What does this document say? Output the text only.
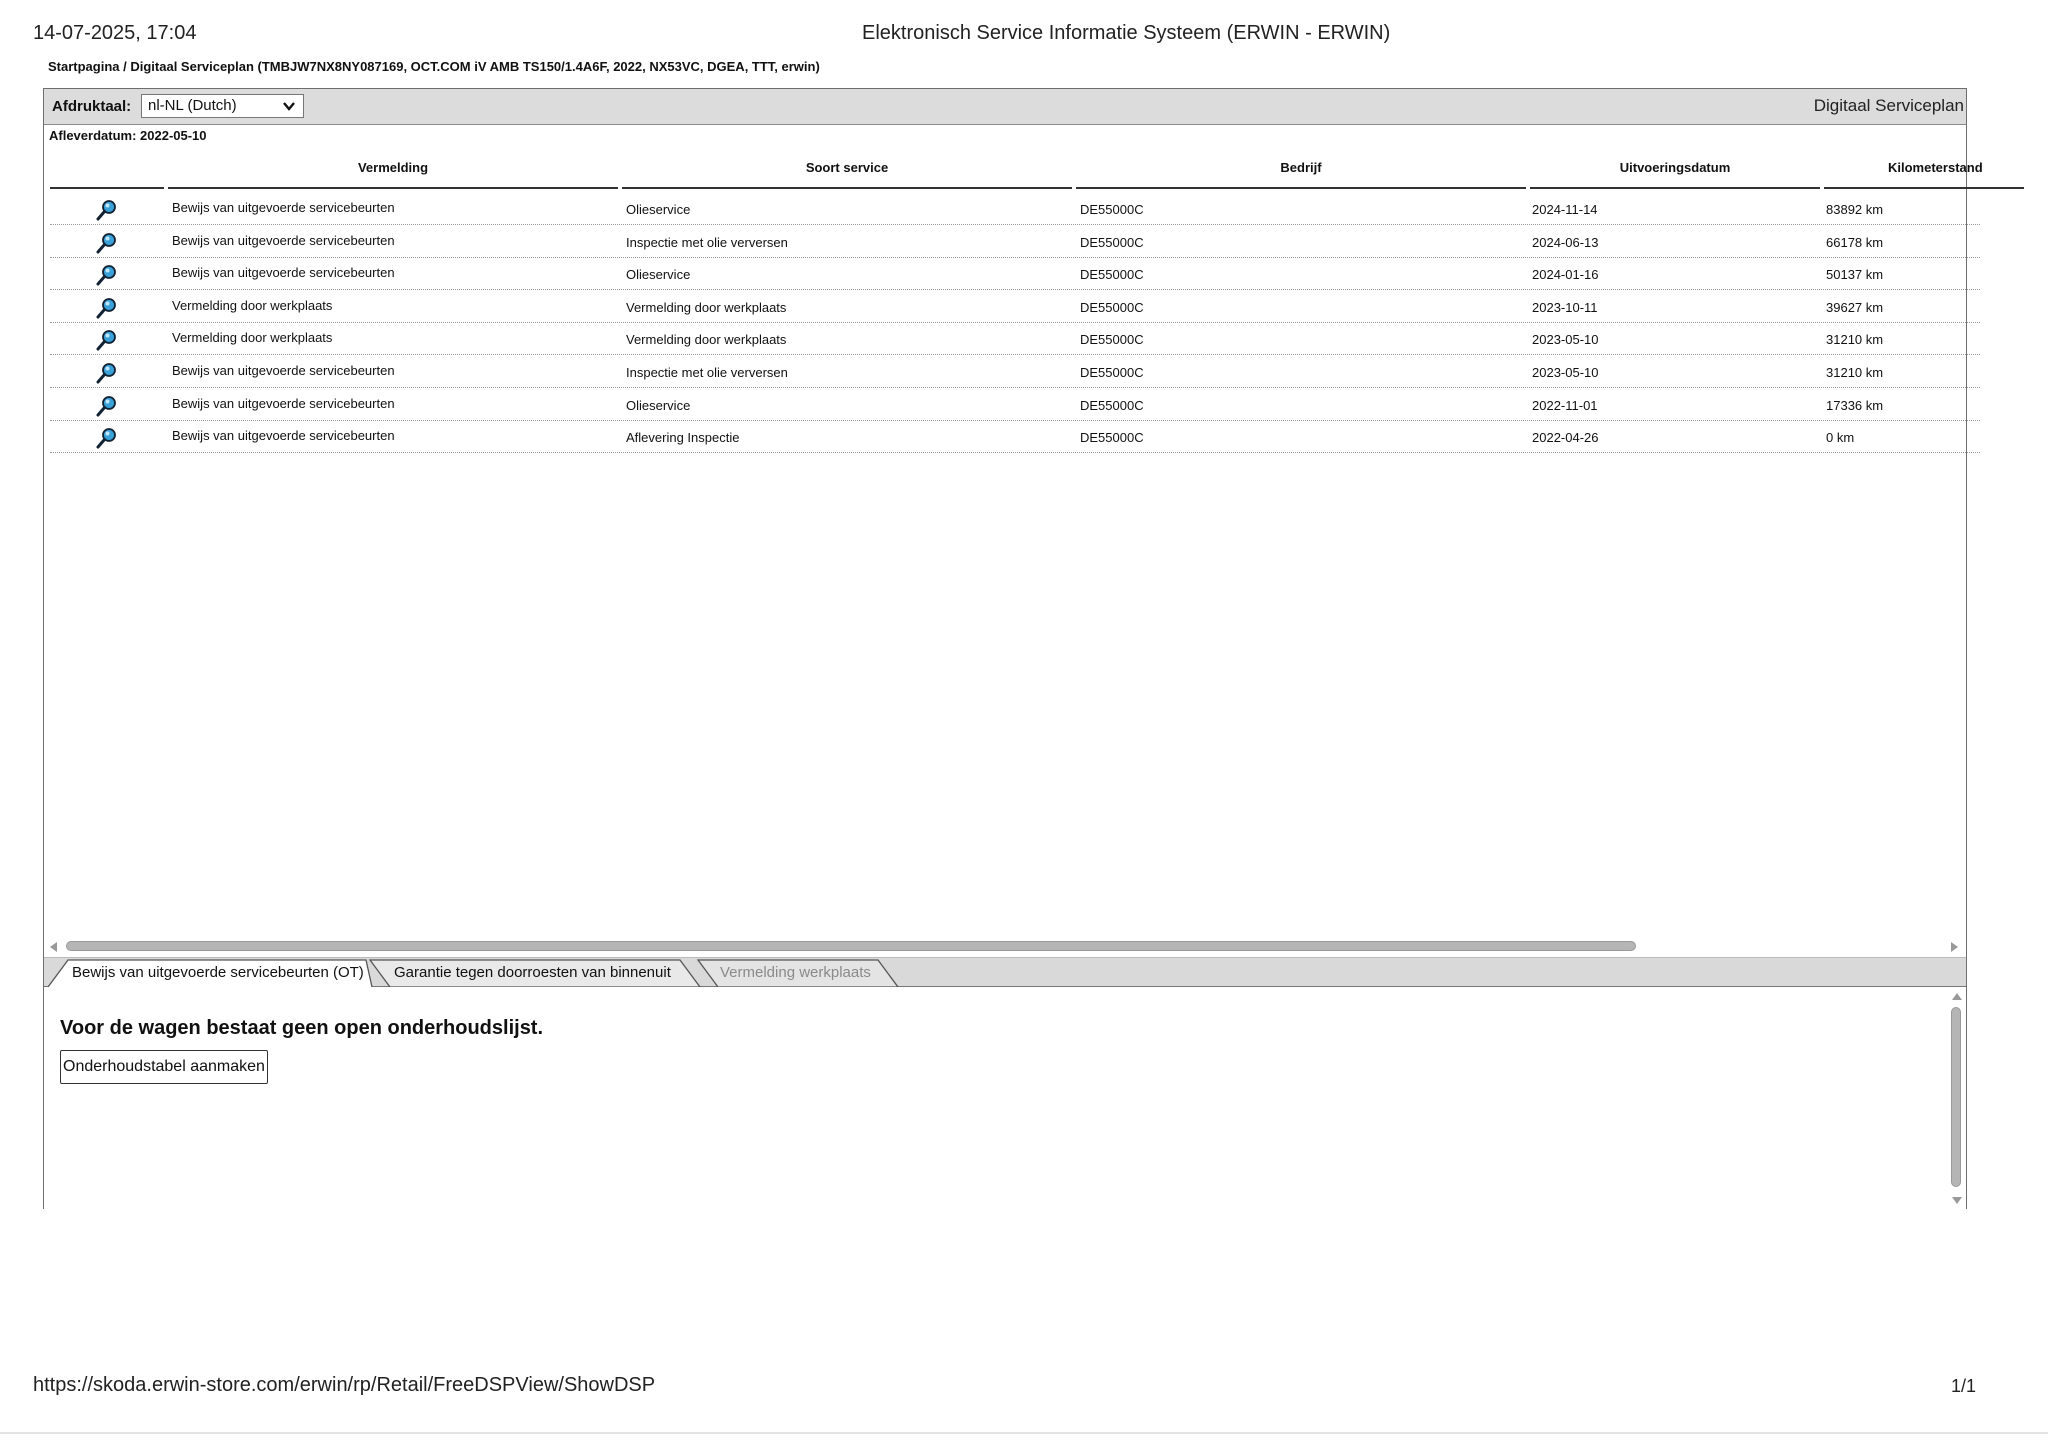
14-07-2025, 17:04	Elektronisch Service Informatie Systeem (ERWIN - ERWIN)
Startpagina / Digitaal Serviceplan (TMBJW7NX8NY087169, OCT.COM iV AMB TS150/1.4A6F, 2022, NX53VC, DGEA, TTT, erwin)
Afdruktaal:	nl-NL (Dutch)	Digitaal Serviceplan
Afleverdatum: 2022-05-10
Vermelding	Soort service	Bedrijf	Uitvoeringsdatum	Kilometerstand
Bewijs van uitgevoerde servicebeurten	Olieservice	DE55000C	2024-11-14	83892 km
Bewijs van uitgevoerde servicebeurten	Inspectie met olie verversen	DE55000C	2024-06-13	66178 km
Bewijs van uitgevoerde servicebeurten	Olieservice	DE55000C	2024-01-16	50137 km
Vermelding door werkplaats	Vermelding door werkplaats	DE55000C	2023-10-11	39627 km
Vermelding door werkplaats	Vermelding door werkplaats	DE55000C	2023-05-10	31210 km
Bewijs van uitgevoerde servicebeurten	Inspectie met olie verversen	DE55000C	2023-05-10	31210 km
Bewijs van uitgevoerde servicebeurten	Olieservice	DE55000C	2022-11-01	17336 km
Bewijs van uitgevoerde servicebeurten	Aflevering Inspectie	DE55000C	2022-04-26	0 km
Bewijs van uitgevoerde servicebeurten (OT)	Garantie tegen doorroesten van binnenuit	Vermelding werkplaats
Voor de wagen bestaat geen open onderhoudslijst.
Onderhoudstabel aanmaken
https://skoda.erwin-store.com/erwin/rp/Retail/FreeDSPView/ShowDSP	1/1
